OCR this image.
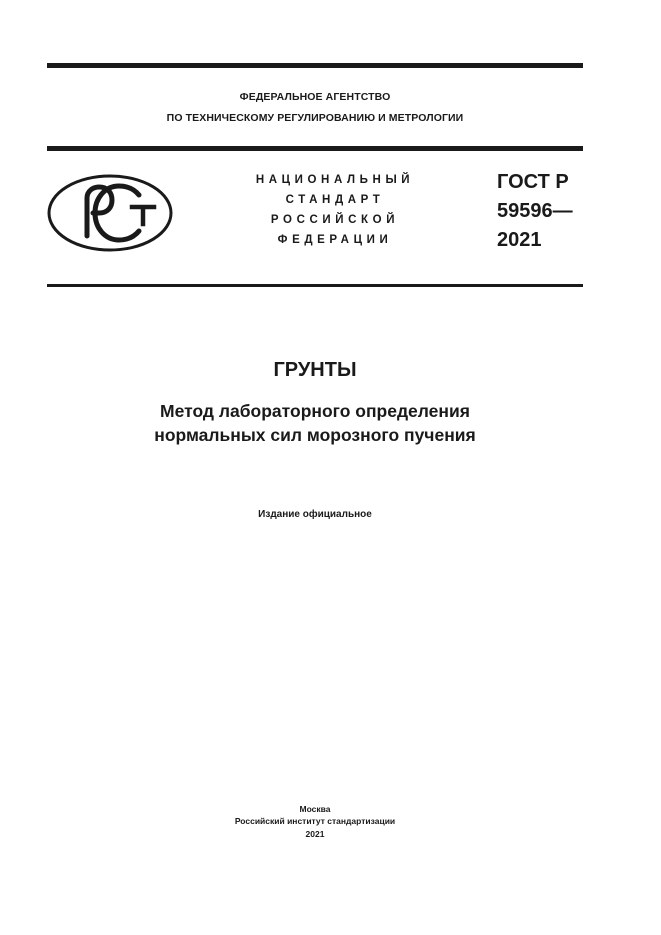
ФЕДЕРАЛЬНОЕ АГЕНТСТВО
ПО ТЕХНИЧЕСКОМУ РЕГУЛИРОВАНИЮ И МЕТРОЛОГИИ
НАЦИОНАЛЬНЫЙ
СТАНДАРТ
РОССИЙСКОЙ
ФЕДЕРАЦИИ
ГОСТ Р
59596—
2021
ГРУНТЫ
Метод лабораторного определения
нормальных сил морозного пучения
Издание официальное
Москва
Российский институт стандартизации
2021
